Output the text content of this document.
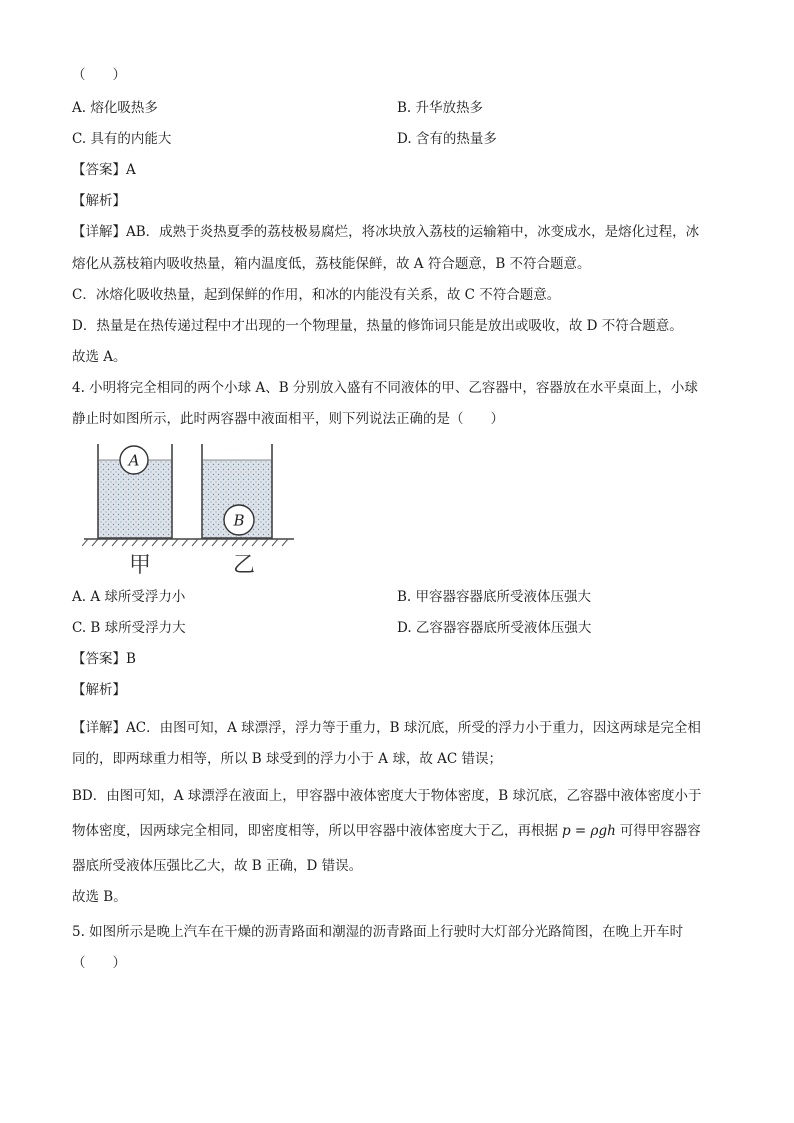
（　　）
A. 熔化吸热多	B. 升华放热多
C. 具有的内能大	D. 含有的热量多
【答案】A
【解析】
【详解】AB．成熟于炎热夏季的荔枝极易腐烂，将冰块放入荔枝的运输箱中，冰变成水，是熔化过程，冰
熔化从荔枝箱内吸收热量，箱内温度低，荔枝能保鲜，故 A 符合题意，B 不符合题意。
C．冰熔化吸收热量，起到保鲜的作用，和冰的内能没有关系，故 C 不符合题意。
D．热量是在热传递过程中才出现的一个物理量，热量的修饰词只能是放出或吸收，故 D 不符合题意。
故选 A。
4. 小明将完全相同的两个小球 A、B 分别放入盛有不同液体的甲、乙容器中，容器放在水平桌面上，小球
静止时如图所示，此时两容器中液面相平，则下列说法正确的是（　　）
A
B
甲	乙
A. A 球所受浮力小	B. 甲容器容器底所受液体压强大
C. B 球所受浮力大	D. 乙容器容器底所受液体压强大
【答案】B
【解析】
【详解】AC．由图可知，A 球漂浮，浮力等于重力，B 球沉底，所受的浮力小于重力，因这两球是完全相
同的，即两球重力相等，所以 B 球受到的浮力小于 A 球，故 AC 错误；
BD．由图可知，A 球漂浮在液面上，甲容器中液体密度大于物体密度，B 球沉底，乙容器中液体密度小于
物体密度，因两球完全相同，即密度相等，所以甲容器中液体密度大于乙，再根据 p = ρgh 可得甲容器容
器底所受液体压强比乙大，故 B 正确，D 错误。
故选 B。
5. 如图所示是晚上汽车在干燥的沥青路面和潮湿的沥青路面上行驶时大灯部分光路简图，在晚上开车时
（　　）
